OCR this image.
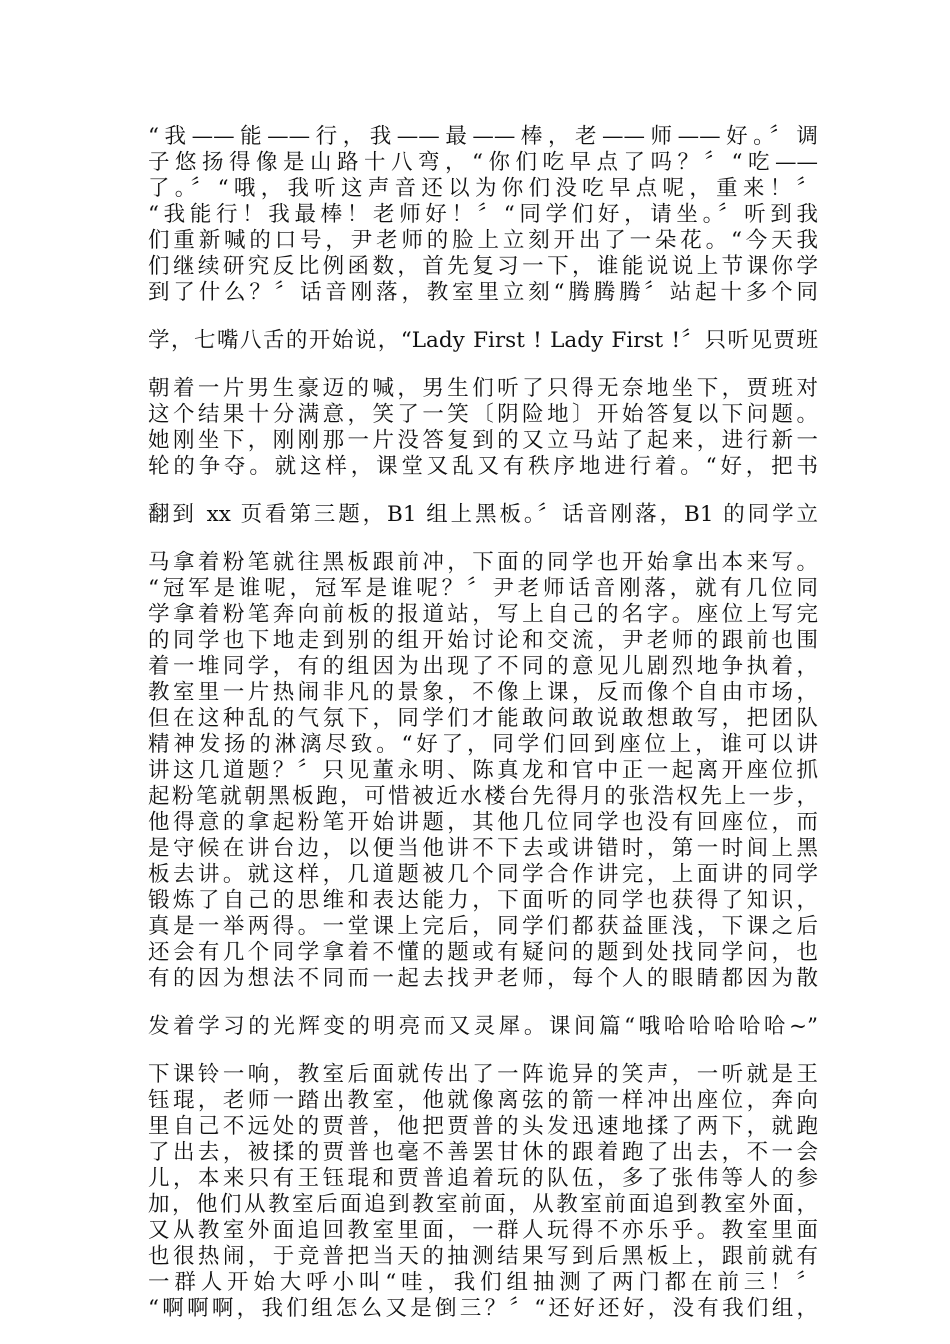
“我——能——行，我——最——棒，老——师——好。〞调
子悠扬得像是山路十八弯，“你们吃早点了吗？〞“吃——
了。〞“哦，我听这声音还以为你们没吃早点呢，重来！〞
“我能行！我最棒！老师好！〞“同学们好，请坐。〞听到我
们重新喊的口号，尹老师的脸上立刻开出了一朵花。“今天我
们继续研究反比例函数，首先复习一下，谁能说说上节课你学
到了什么？〞话音刚落，教室里立刻“腾腾腾〞站起十多个同
学，七嘴八舌的开始说，“Lady First ! Lady First !〞只听见贾班
朝着一片男生豪迈的喊，男生们听了只得无奈地坐下，贾班对
这个结果十分满意，笑了一笑〔阴险地〕开始答复以下问题。
她刚坐下，刚刚那一片没答复到的又立马站了起来，进行新一
轮的争夺。就这样，课堂又乱又有秩序地进行着。“好，把书
翻到 xx 页看第三题，B1 组上黑板。〞话音刚落，B1 的同学立
马拿着粉笔就往黑板跟前冲，下面的同学也开始拿出本来写。
“冠军是谁呢，冠军是谁呢？〞尹老师话音刚落，就有几位同
学拿着粉笔奔向前板的报道站，写上自己的名字。座位上写完
的同学也下地走到别的组开始讨论和交流，尹老师的跟前也围
着一堆同学，有的组因为出现了不同的意见儿剧烈地争执着，
教室里一片热闹非凡的景象，不像上课，反而像个自由市场，
但在这种乱的气氛下，同学们才能敢问敢说敢想敢写，把团队
精神发扬的淋漓尽致。“好了，同学们回到座位上，谁可以讲
讲这几道题？〞只见董永明、陈真龙和官中正一起离开座位抓
起粉笔就朝黑板跑，可惜被近水楼台先得月的张浩权先上一步，
他得意的拿起粉笔开始讲题，其他几位同学也没有回座位，而
是守候在讲台边，以便当他讲不下去或讲错时，第一时间上黑
板去讲。就这样，几道题被几个同学合作讲完，上面讲的同学
锻炼了自己的思维和表达能力，下面听的同学也获得了知识，
真是一举两得。一堂课上完后，同学们都获益匪浅，下课之后
还会有几个同学拿着不懂的题或有疑问的题到处找同学问，也
有的因为想法不同而一起去找尹老师，每个人的眼睛都因为散
发着学习的光辉变的明亮而又灵犀。课间篇“哦哈哈哈哈哈~”
下课铃一响，教室后面就传出了一阵诡异的笑声，一听就是王
钰琨，老师一踏出教室，他就像离弦的箭一样冲出座位，奔向
里自己不远处的贾普，他把贾普的头发迅速地揉了两下，就跑
了出去，被揉的贾普也毫不善罢甘休的跟着跑了出去，不一会
儿，本来只有王钰琨和贾普追着玩的队伍，多了张伟等人的参
加，他们从教室后面追到教室前面，从教室前面追到教室外面，
又从教室外面追回教室里面，一群人玩得不亦乐乎。教室里面
也很热闹，于竞普把当天的抽测结果写到后黑板上，跟前就有
一群人开始大呼小叫“哇，我们组抽测了两门都在前三！〞
“啊啊啊，我们组怎么又是倒三？〞“还好还好，没有我们组，
